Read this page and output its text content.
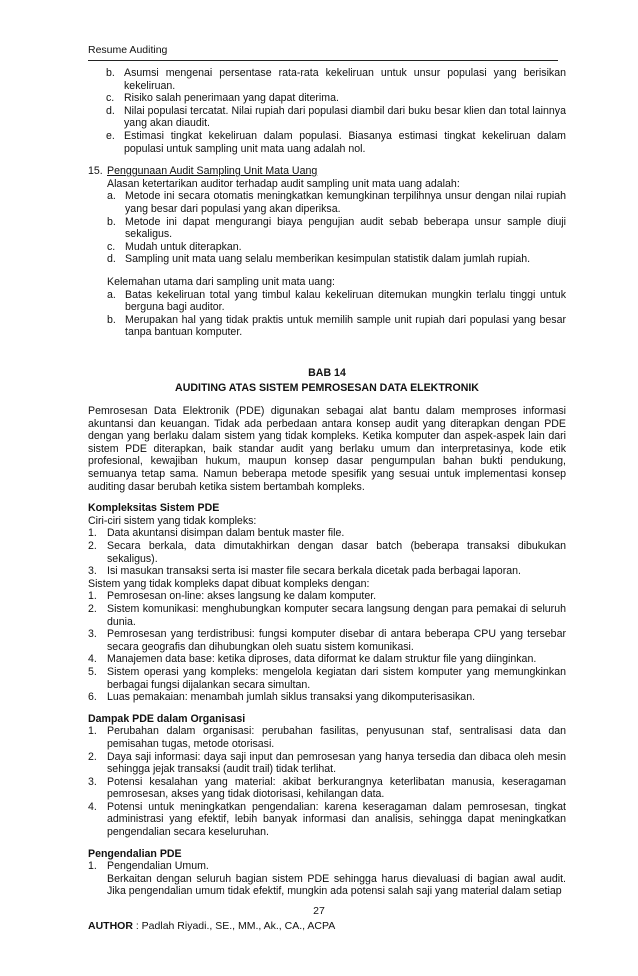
Resume Auditing
b. Asumsi mengenai persentase rata-rata kekeliruan untuk unsur populasi yang berisikan kekeliruan.
c. Risiko salah penerimaan yang dapat diterima.
d. Nilai populasi tercatat. Nilai rupiah dari populasi diambil dari buku besar klien dan total lainnya yang akan diaudit.
e. Estimasi tingkat kekeliruan dalam populasi. Biasanya estimasi tingkat kekeliruan dalam populasi untuk sampling unit mata uang adalah nol.
15. Penggunaan Audit Sampling Unit Mata Uang
Alasan ketertarikan auditor terhadap audit sampling unit mata uang adalah:
a. Metode ini secara otomatis meningkatkan kemungkinan terpilihnya unsur dengan nilai rupiah yang besar dari populasi yang akan diperiksa.
b. Metode ini dapat mengurangi biaya pengujian audit sebab beberapa unsur sample diuji sekaligus.
c. Mudah untuk diterapkan.
d. Sampling unit mata uang selalu memberikan kesimpulan statistik dalam jumlah rupiah.
Kelemahan utama dari sampling unit mata uang:
a. Batas kekeliruan total yang timbul kalau kekeliruan ditemukan mungkin terlalu tinggi untuk berguna bagi auditor.
b. Merupakan hal yang tidak praktis untuk memilih sample unit rupiah dari populasi yang besar tanpa bantuan komputer.
BAB 14
AUDITING ATAS SISTEM PEMROSESAN DATA ELEKTRONIK
Pemrosesan Data Elektronik (PDE) digunakan sebagai alat bantu dalam memproses informasi akuntansi dan keuangan. Tidak ada perbedaan antara konsep audit yang diterapkan dengan PDE dengan yang berlaku dalam sistem yang tidak kompleks. Ketika komputer dan aspek-aspek lain dari sistem PDE diterapkan, baik standar audit yang berlaku umum dan interpretasinya, kode etik profesional, kewajiban hukum, maupun konsep dasar pengumpulan bahan bukti pendukung, semuanya tetap sama. Namun beberapa metode spesifik yang sesuai untuk implementasi konsep auditing dasar berubah ketika sistem bertambah kompleks.
Kompleksitas Sistem PDE
Ciri-ciri sistem yang tidak kompleks:
1. Data akuntansi disimpan dalam bentuk master file.
2. Secara berkala, data dimutakhirkan dengan dasar batch (beberapa transaksi dibukukan sekaligus).
3. Isi masukan transaksi serta isi master file secara berkala dicetak pada berbagai laporan.
Sistem yang tidak kompleks dapat dibuat kompleks dengan:
1. Pemrosesan on-line: akses langsung ke dalam komputer.
2. Sistem komunikasi: menghubungkan komputer secara langsung dengan para pemakai di seluruh dunia.
3. Pemrosesan yang terdistribusi: fungsi komputer disebar di antara beberapa CPU yang tersebar secara geografis dan dihubungkan oleh suatu sistem komunikasi.
4. Manajemen data base: ketika diproses, data diformat ke dalam struktur file yang diinginkan.
5. Sistem operasi yang kompleks: mengelola kegiatan dari sistem komputer yang memungkinkan berbagai fungsi dijalankan secara simultan.
6. Luas pemakaian: menambah jumlah siklus transaksi yang dikomputerisasikan.
Dampak PDE dalam Organisasi
1. Perubahan dalam organisasi: perubahan fasilitas, penyusunan staf, sentralisasi data dan pemisahan tugas, metode otorisasi.
2. Daya saji informasi: daya saji input dan pemrosesan yang hanya tersedia dan dibaca oleh mesin sehingga jejak transaksi (audit trail) tidak terlihat.
3. Potensi kesalahan yang material: akibat berkurangnya keterlibatan manusia, keseragaman pemrosesan, akses yang tidak diotorisasi, kehilangan data.
4. Potensi untuk meningkatkan pengendalian: karena keseragaman dalam pemrosesan, tingkat administrasi yang efektif, lebih banyak informasi dan analisis, sehingga dapat meningkatkan pengendalian secara keseluruhan.
Pengendalian PDE
1. Pengendalian Umum.
Berkaitan dengan seluruh bagian sistem PDE sehingga harus dievaluasi di bagian awal audit. Jika pengendalian umum tidak efektif, mungkin ada potensi salah saji yang material dalam setiap
27
AUTHOR : Padlah Riyadi., SE., MM., Ak., CA., ACPA
